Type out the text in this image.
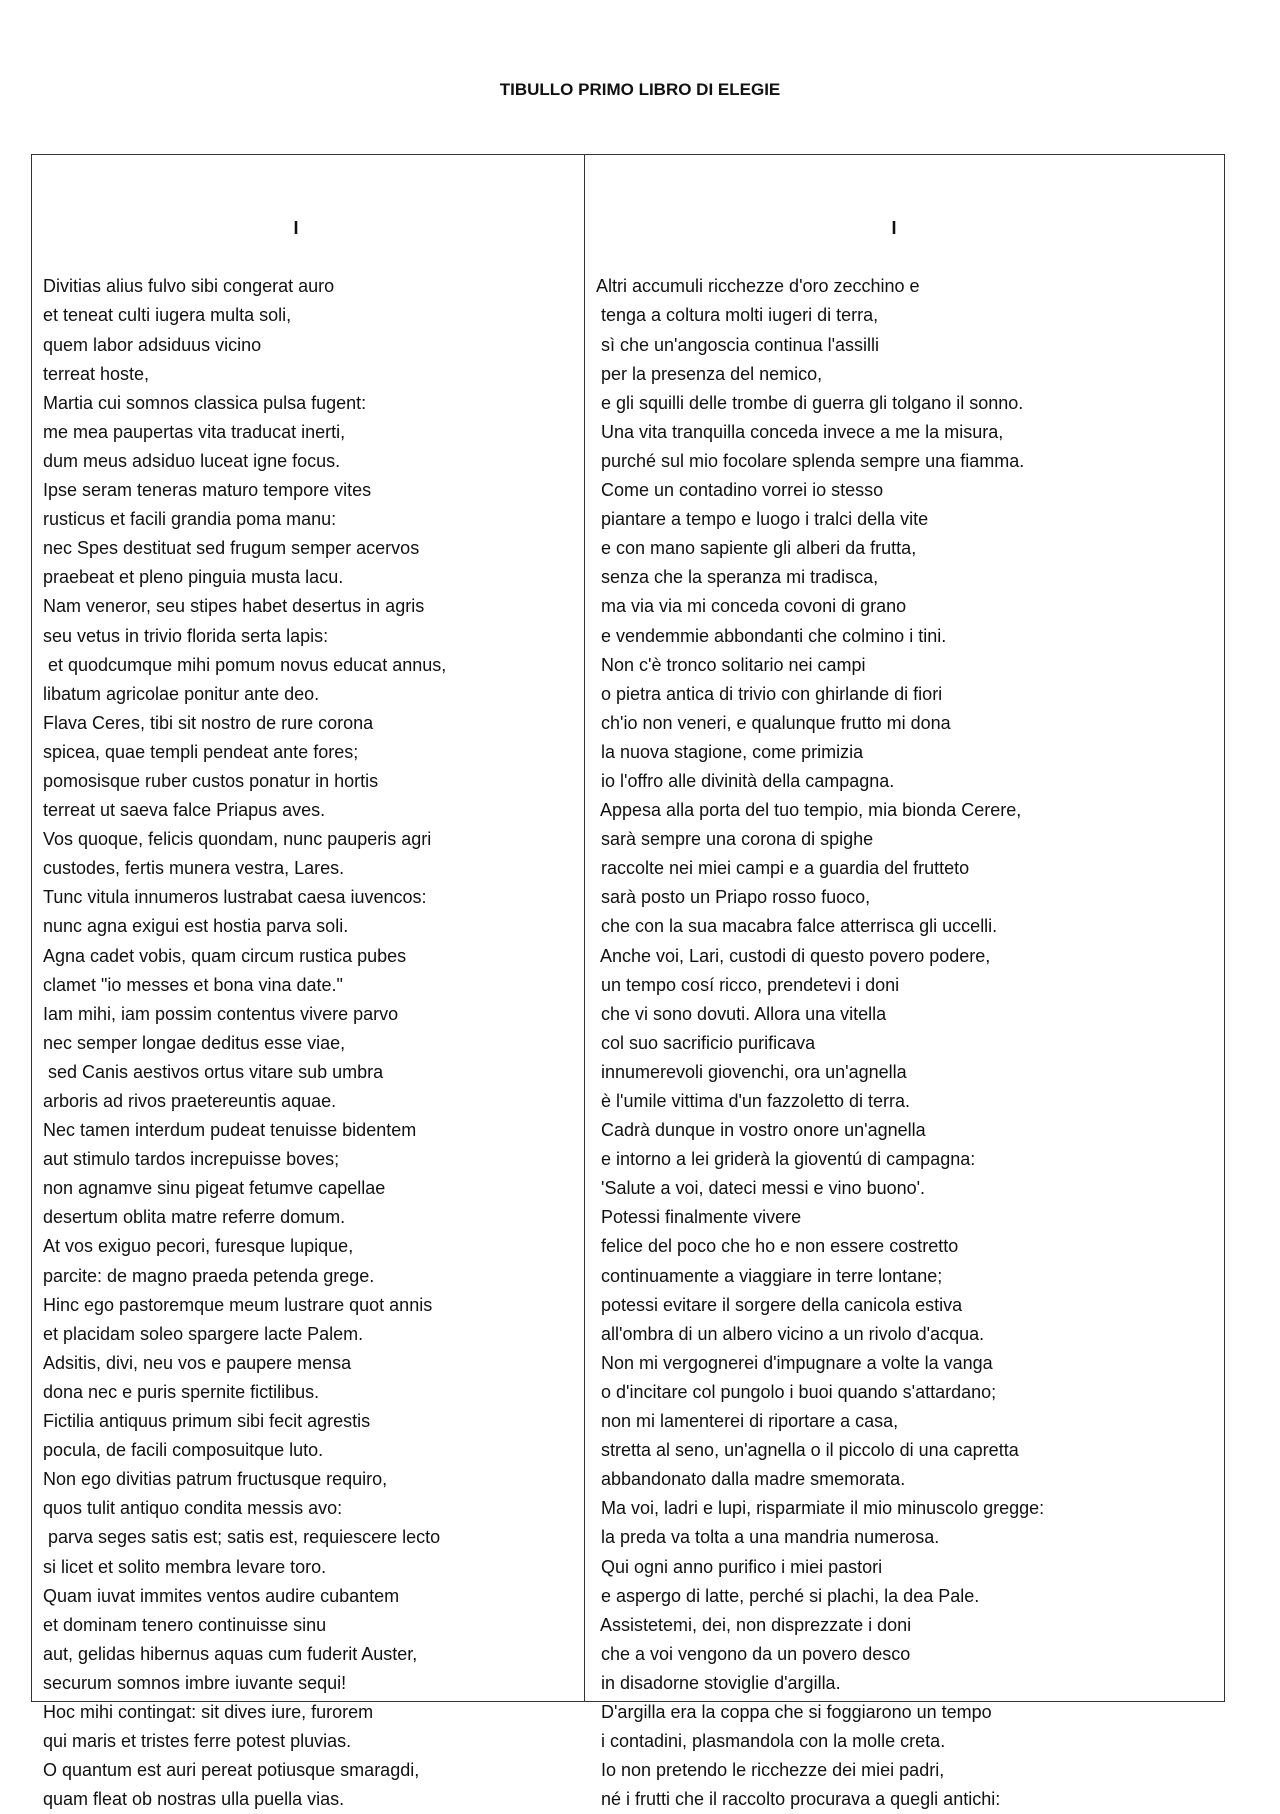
TIBULLO PRIMO LIBRO DI ELEGIE

I

Divitias alius fulvo sibi congerat auro
et teneat culti iugera multa soli,
quem labor adsiduus vicino
terreat hoste,
Martia cui somnos classica pulsa fugent:
me mea paupertas vita traducat inerti,
dum meus adsiduo luceat igne focus.
Ipse seram teneras maturo tempore vites
rusticus et facili grandia poma manu:
nec Spes destituat sed frugum semper acervos
praebeat et pleno pinguia musta lacu.
Nam veneror, seu stipes habet desertus in agris
seu vetus in trivio florida serta lapis:
et quodcumque mihi pomum novus educat annus,
libatum agricolae ponitur ante deo.
Flava Ceres, tibi sit nostro de rure corona
spicea, quae templi pendeat ante fores;
pomosisque ruber custos ponatur in hortis
terreat ut saeva falce Priapus aves.
Vos quoque, felicis quondam, nunc pauperis agri
custodes, fertis munera vestra, Lares.
Tunc vitula innumeros lustrabat caesa iuvencos:
nunc agna exigui est hostia parva soli.
Agna cadet vobis, quam circum rustica pubes
clamet "io messes et bona vina date."
Iam mihi, iam possim contentus vivere parvo
nec semper longae deditus esse viae,
sed Canis aestivos ortus vitare sub umbra
arboris ad rivos praetereuntis aquae.
Nec tamen interdum pudeat tenuisse bidentem
aut stimulo tardos increpuisse boves;
non agnamve sinu pigeat fetumve capellae
desertum oblita matre referre domum.
At vos exiguo pecori, furesque lupique,
parcite: de magno praeda petenda grege.
Hinc ego pastoremque meum lustrare quot annis
et placidam soleo spargere lacte Palem.
Adsitis, divi, neu vos e paupere mensa
dona nec e puris spernite fictilibus.
Fictilia antiquus primum sibi fecit agrestis
pocula, de facili composuitque luto.
Non ego divitias patrum fructusque requiro,
quos tulit antiquo condita messis avo:
parva seges satis est; satis est, requiescere lecto
si licet et solito membra levare toro.
Quam iuvat immites ventos audire cubantem
et dominam tenero continuisse sinu
aut, gelidas hibernus aquas cum fuderit Auster,
securum somnos imbre iuvante sequi!
Hoc mihi contingat: sit dives iure, furorem
qui maris et tristes ferre potest pluvias.
O quantum est auri pereat potiusque smaragdi,
quam fleat ob nostras ulla puella vias.

I

Altri accumuli ricchezze d'oro zecchino e
tenga a coltura molti iugeri di terra,
sì che un'angoscia continua l'assilli
per la presenza del nemico,
e gli squilli delle trombe di guerra gli tolgano il sonno.
Una vita tranquilla conceda invece a me la misura,
purché sul mio focolare splenda sempre una fiamma.
Come un contadino vorrei io stesso
piantare a tempo e luogo i tralci della vite
e con mano sapiente gli alberi da frutta,
senza che la speranza mi tradisca,
ma via via mi conceda covoni di grano
e vendemmie abbondanti che colmino i tini.
Non c'è tronco solitario nei campi
o pietra antica di trivio con ghirlande di fiori
ch'io non veneri, e qualunque frutto mi dona
la nuova stagione, come primizia
io l'offro alle divinità della campagna.
Appesa alla porta del tuo tempio, mia bionda Cerere,
sarà sempre una corona di spighe
raccolte nei miei campi e a guardia del frutteto
sarà posto un Priapo rosso fuoco,
che con la sua macabra falce atterrisca gli uccelli.
Anche voi, Lari, custodi di questo povero podere,
un tempo cosí ricco, prendetevi i doni
che vi sono dovuti. Allora una vitella
col suo sacrificio purificava
innumerevoli giovenchi, ora un'agnella
è l'umile vittima d'un fazzoletto di terra.
Cadrà dunque in vostro onore un'agnella
e intorno a lei griderà la gioventú di campagna:
'Salute a voi, dateci messi e vino buono'.
Potessi finalmente vivere
felice del poco che ho e non essere costretto
continuamente a viaggiare in terre lontane;
potessi evitare il sorgere della canicola estiva
all'ombra di un albero vicino a un rivolo d'acqua.
Non mi vergognerei d'impugnare a volte la vanga
o d'incitare col pungolo i buoi quando s'attardano;
non mi lamenterei di riportare a casa,
stretta al seno, un'agnella o il piccolo di una capretta
abbandonato dalla madre smemorata.
Ma voi, ladri e lupi, risparmiate il mio minuscolo gregge:
la preda va tolta a una mandria numerosa.
Qui ogni anno purifico i miei pastori
e aspergo di latte, perché si plachi, la dea Pale.
Assistetemi, dei, non disprezzate i doni
che a voi vengono da un povero desco
in disadorne stoviglie d'argilla.
D'argilla era la coppa che si foggiarono un tempo
i contadini, plasmandola con la molle creta.
Io non pretendo le ricchezze dei miei padri,
né i frutti che il raccolto procurava a quegli antichi:
